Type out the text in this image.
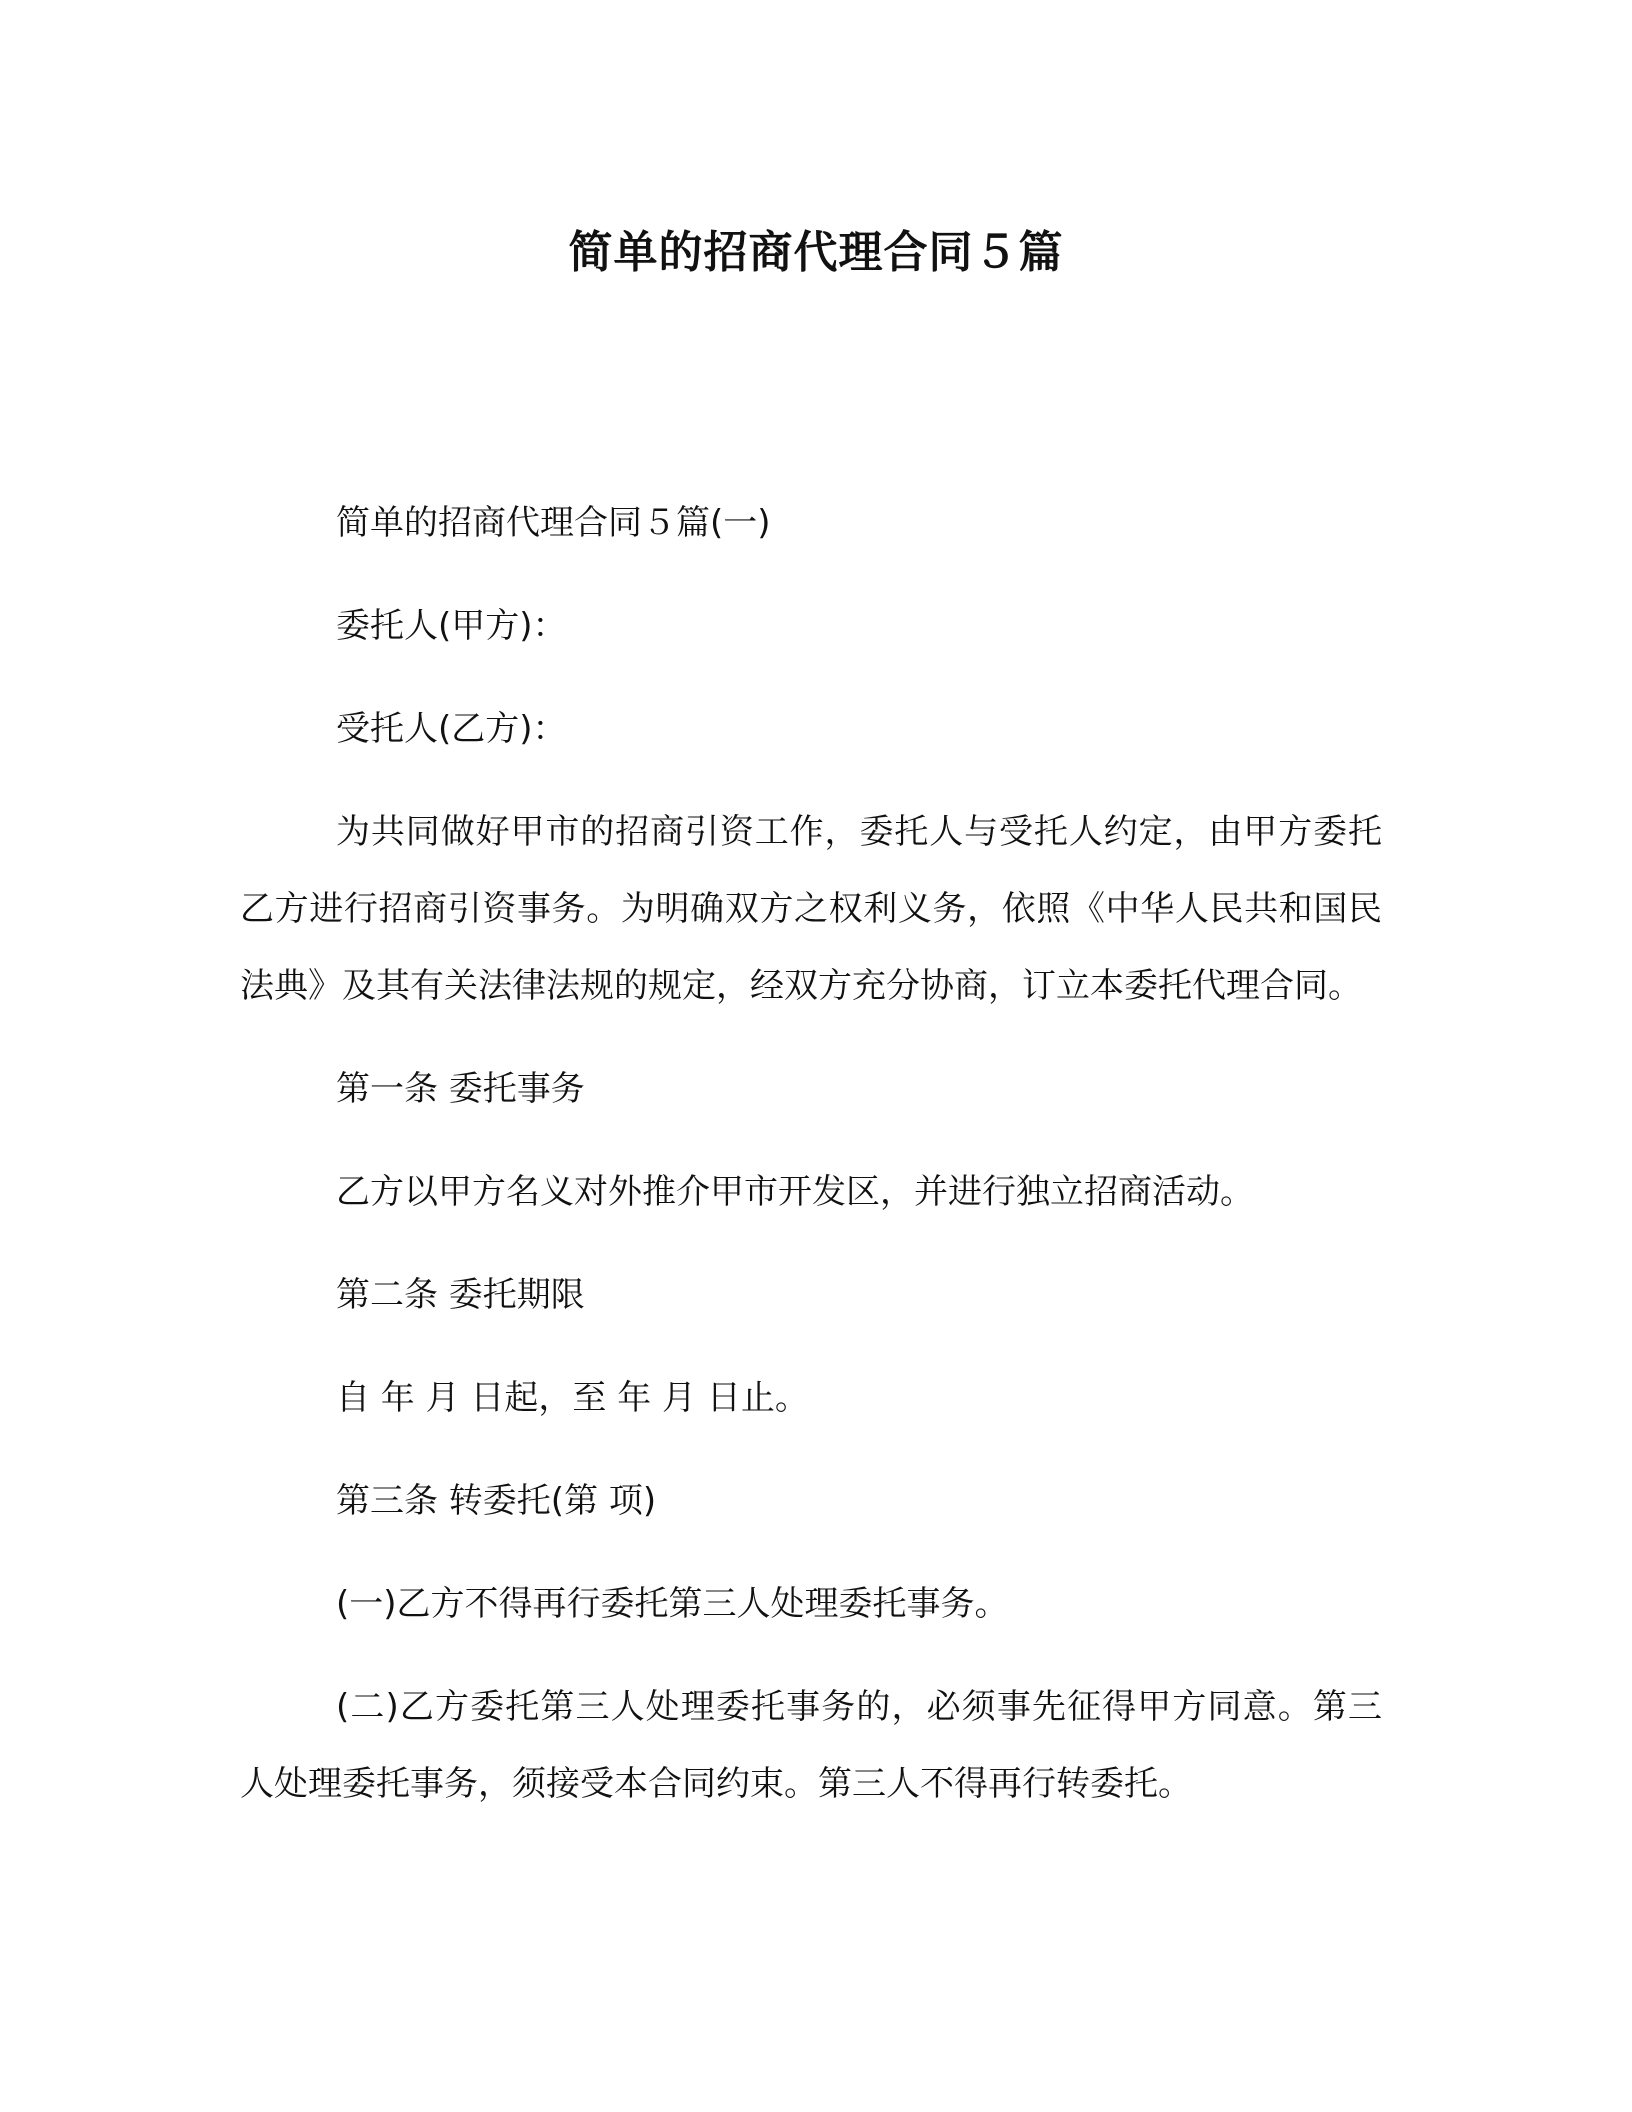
简单的招商代理合同５篇

简单的招商代理合同５篇(一)

委托人(甲方)：

受托人(乙方)：

为共同做好甲市的招商引资工作，委托人与受托人约定，由甲方委托乙方进行招商引资事务。为明确双方之权利义务，依照《中华人民共和国民法典》及其有关法律法规的规定，经双方充分协商，订立本委托代理合同。

第一条 委托事务

乙方以甲方名义对外推介甲市开发区，并进行独立招商活动。

第二条 委托期限

自 年 月 日起，至 年 月 日止。

第三条 转委托(第 项)

(一)乙方不得再行委托第三人处理委托事务。

(二)乙方委托第三人处理委托事务的，必须事先征得甲方同意。第三人处理委托事务，须接受本合同约束。第三人不得再行转委托。
